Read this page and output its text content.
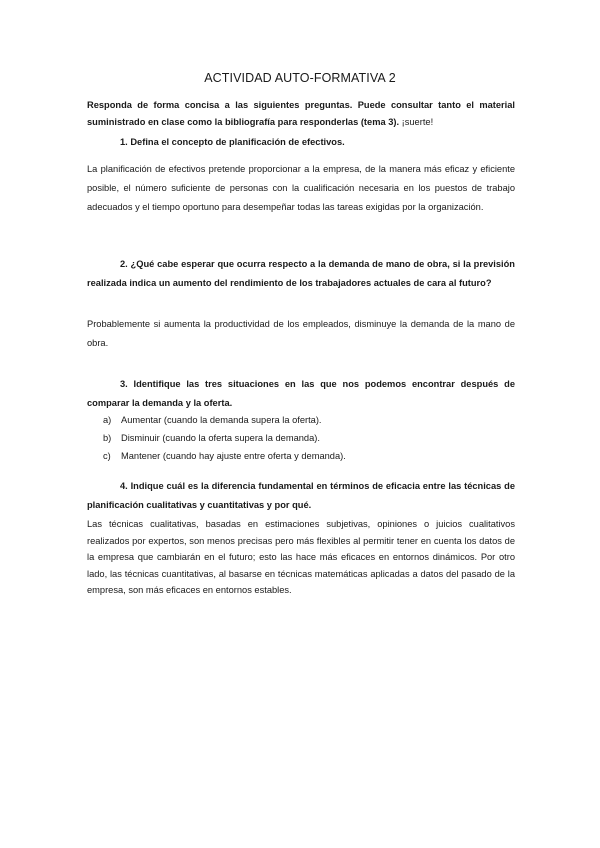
ACTIVIDAD AUTO-FORMATIVA 2
Responda de forma concisa a las siguientes preguntas. Puede consultar tanto el material suministrado en clase como la bibliografía para responderlas (tema 3). ¡suerte!
1. Defina el concepto de planificación de efectivos.
La planificación de efectivos pretende proporcionar a la empresa, de la manera más eficaz y eficiente posible, el número suficiente de personas con la cualificación necesaria en los puestos de trabajo adecuados y el tiempo oportuno para desempeñar todas las tareas exigidas por la organización.
2. ¿Qué cabe esperar que ocurra respecto a la demanda de mano de obra, si la previsión realizada indica un aumento del rendimiento de los trabajadores actuales de cara al futuro?
Probablemente si aumenta la productividad de los empleados, disminuye la demanda de la mano de obra.
3. Identifique las tres situaciones en las que nos podemos encontrar después de comparar la demanda y la oferta.
a)	Aumentar (cuando la demanda supera la oferta).
b)	Disminuir (cuando la oferta supera la demanda).
c)	Mantener (cuando hay ajuste entre oferta y demanda).
4. Indique cuál es la diferencia fundamental en términos de eficacia entre las técnicas de planificación cualitativas y cuantitativas y por qué.
Las técnicas cualitativas, basadas en estimaciones subjetivas, opiniones o juicios cualitativos realizados por expertos, son menos precisas pero más flexibles al permitir tener en cuenta los datos de la empresa que cambiarán en el futuro; esto las hace más eficaces en entornos dinámicos. Por otro lado, las técnicas cuantitativas, al basarse en técnicas matemáticas aplicadas a datos del pasado de la empresa, son más eficaces en entornos estables.
